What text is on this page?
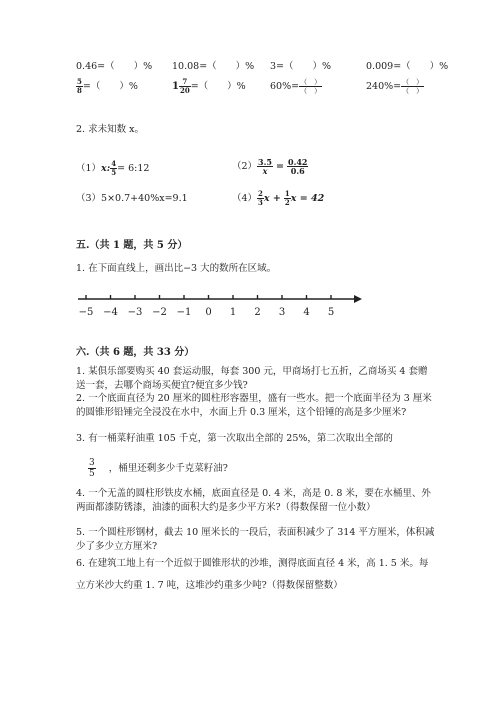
0.46=（　　）% 10.08=（　　）% 3=（　　）%	0.009=（　　）%
$\frac{5}{8}$ =（　　）%	$1 \frac{7}{20}$ =（　　）%	$60\%= \frac{( )}{( )}$	$240\%= \frac{( )}{( )}$
2. 求未知数 x。
（1）x: $\frac{4}{5}$ = 6:12	$(2) \frac{3.5}{x} = \frac{0.42}{0.6}$
（3）5×0.7+40%x=9.1	$(4) \frac{2}{3}$ $x + \frac{1}{2}$ x = 42
五.（共 1 题，共 5 分）
1. 在下面直线上，画出比−3 大的数所在区域。
−5 −4 −3 −2 −1 0 1 2 3 4 5
六.（共 6 题，共 33 分）
1. 某俱乐部要购买 40 套运动服，每套 300 元，甲商场打七五折，乙商场买 4 套赠送一套，去哪个商场买便宜?便宜多少钱?
2. 一个底面直径为 20 厘米的圆柱形容器里，盛有一些水。把一个底面半径为 3 厘米的圆锥形铅锤完全浸没在水中，水面上升 0.3 厘米，这个铅锤的高是多少厘米?
3. 有一桶菜籽油重 105 千克，第一次取出全部的 25%，第二次取出全部的
$\frac{3}{5}$ ，桶里还剩多少千克菜籽油?
4. 一个无盖的圆柱形铁皮水桶，底面直径是 0. 4 米，高是 0. 8 米，要在水桶里、外两面都漆防锈漆，油漆的面积大约是多少平方米?（得数保留一位小数）
5. 一个圆柱形钢材，截去 10 厘米长的一段后，表面积减少了 314 平方厘米，体积减少了多少立方厘米?
6. 在建筑工地上有一个近似于圆锥形状的沙堆，测得底面直径 4 米，高 1. 5 米。每立方米沙大约重 1. 7 吨，这堆沙约重多少吨?（得数保留整数）
